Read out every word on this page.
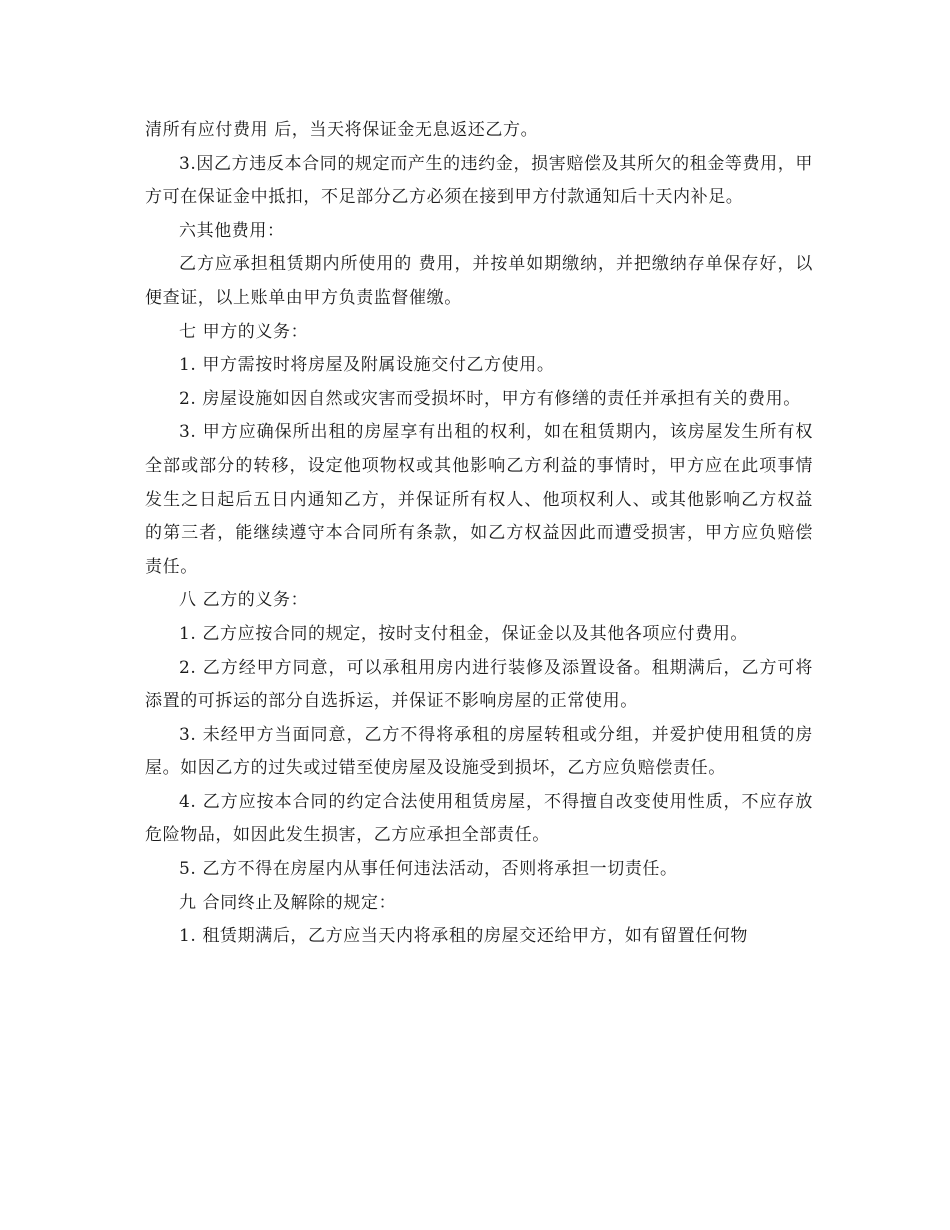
清所有应付费用 后，当天将保证金无息返还乙方。

3.因乙方违反本合同的规定而产生的违约金，损害赔偿及其所欠的租金等费用，甲方可在保证金中抵扣，不足部分乙方必须在接到甲方付款通知后十天内补足。

六其他费用：

乙方应承担租赁期内所使用的 费用，并按单如期缴纳，并把缴纳存单保存好，以便查证，以上账单由甲方负责监督催缴。

七 甲方的义务：

1. 甲方需按时将房屋及附属设施交付乙方使用。

2. 房屋设施如因自然或灾害而受损坏时，甲方有修缮的责任并承担有关的费用。

3. 甲方应确保所出租的房屋享有出租的权利，如在租赁期内，该房屋发生所有权全部或部分的转移，设定他项物权或其他影响乙方利益的事情时，甲方应在此项事情发生之日起后五日内通知乙方，并保证所有权人、他项权利人、或其他影响乙方权益的第三者，能继续遵守本合同所有条款，如乙方权益因此而遭受损害，甲方应负赔偿责任。

八 乙方的义务：

1. 乙方应按合同的规定，按时支付租金，保证金以及其他各项应付费用。

2. 乙方经甲方同意，可以承租用房内进行装修及添置设备。租期满后，乙方可将添置的可拆运的部分自选拆运，并保证不影响房屋的正常使用。

3. 未经甲方当面同意，乙方不得将承租的房屋转租或分组，并爱护使用租赁的房屋。如因乙方的过失或过错至使房屋及设施受到损坏，乙方应负赔偿责任。

4. 乙方应按本合同的约定合法使用租赁房屋，不得擅自改变使用性质，不应存放危险物品，如因此发生损害，乙方应承担全部责任。

5. 乙方不得在房屋内从事任何违法活动，否则将承担一切责任。

九 合同终止及解除的规定：

1. 租赁期满后，乙方应当天内将承租的房屋交还给甲方，如有留置任何物
